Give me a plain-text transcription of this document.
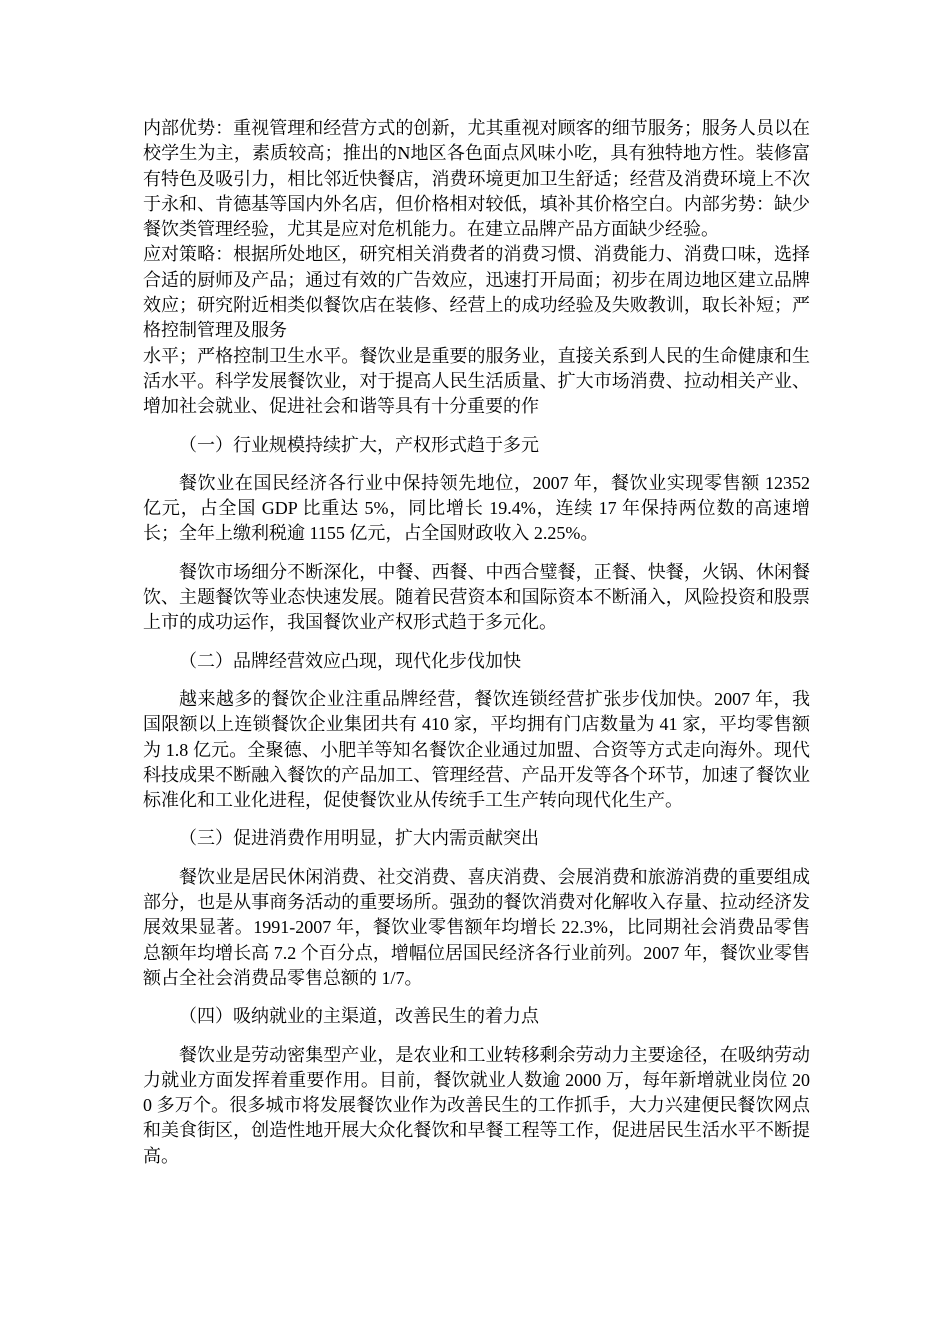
内部优势：重视管理和经营方式的创新，尤其重视对顾客的细节服务；服务人员以在校学生为主，素质较高；推出的N地区各色面点风味小吃，具有独特地方性。装修富有特色及吸引力，相比邻近快餐店，消费环境更加卫生舒适；经营及消费环境上不次于永和、肯德基等国内外名店，但价格相对较低，填补其价格空白。内部劣势：缺少餐饮类管理经验，尤其是应对危机能力。在建立品牌产品方面缺少经验。

应对策略：根据所处地区，研究相关消费者的消费习惯、消费能力、消费口味，选择合适的厨师及产品；通过有效的广告效应，迅速打开局面；初步在周边地区建立品牌效应；研究附近相类似餐饮店在装修、经营上的成功经验及失败教训，取长补短；严格控制管理及服务

水平；严格控制卫生水平。餐饮业是重要的服务业，直接关系到人民的生命健康和生活水平。科学发展餐饮业，对于提高人民生活质量、扩大市场消费、拉动相关产业、增加社会就业、促进社会和谐等具有十分重要的作

（一）行业规模持续扩大，产权形式趋于多元

餐饮业在国民经济各行业中保持领先地位，2007 年，餐饮业实现零售额 12352 亿元，占全国 GDP 比重达 5%，同比增长 19.4%，连续 17 年保持两位数的高速增长；全年上缴利税逾 1155 亿元，占全国财政收入 2.25%。

餐饮市场细分不断深化，中餐、西餐、中西合璧餐，正餐、快餐，火锅、休闲餐饮、主题餐饮等业态快速发展。随着民营资本和国际资本不断涌入，风险投资和股票上市的成功运作，我国餐饮业产权形式趋于多元化。

（二）品牌经营效应凸现，现代化步伐加快

越来越多的餐饮企业注重品牌经营，餐饮连锁经营扩张步伐加快。2007 年，我国限额以上连锁餐饮企业集团共有 410 家，平均拥有门店数量为 41 家，平均零售额为 1.8 亿元。全聚德、小肥羊等知名餐饮企业通过加盟、合资等方式走向海外。现代科技成果不断融入餐饮的产品加工、管理经营、产品开发等各个环节，加速了餐饮业标准化和工业化进程，促使餐饮业从传统手工生产转向现代化生产。

（三）促进消费作用明显，扩大内需贡献突出

餐饮业是居民休闲消费、社交消费、喜庆消费、会展消费和旅游消费的重要组成部分，也是从事商务活动的重要场所。强劲的餐饮消费对化解收入存量、拉动经济发展效果显著。1991-2007 年，餐饮业零售额年均增长 22.3%，比同期社会消费品零售总额年均增长高 7.2 个百分点，增幅位居国民经济各行业前列。2007 年，餐饮业零售额占全社会消费品零售总额的 1/7。

（四）吸纳就业的主渠道，改善民生的着力点

餐饮业是劳动密集型产业，是农业和工业转移剩余劳动力主要途径，在吸纳劳动力就业方面发挥着重要作用。目前，餐饮就业人数逾 2000 万，每年新增就业岗位 200 多万个。很多城市将发展餐饮业作为改善民生的工作抓手，大力兴建便民餐饮网点和美食街区，创造性地开展大众化餐饮和早餐工程等工作，促进居民生活水平不断提高。
